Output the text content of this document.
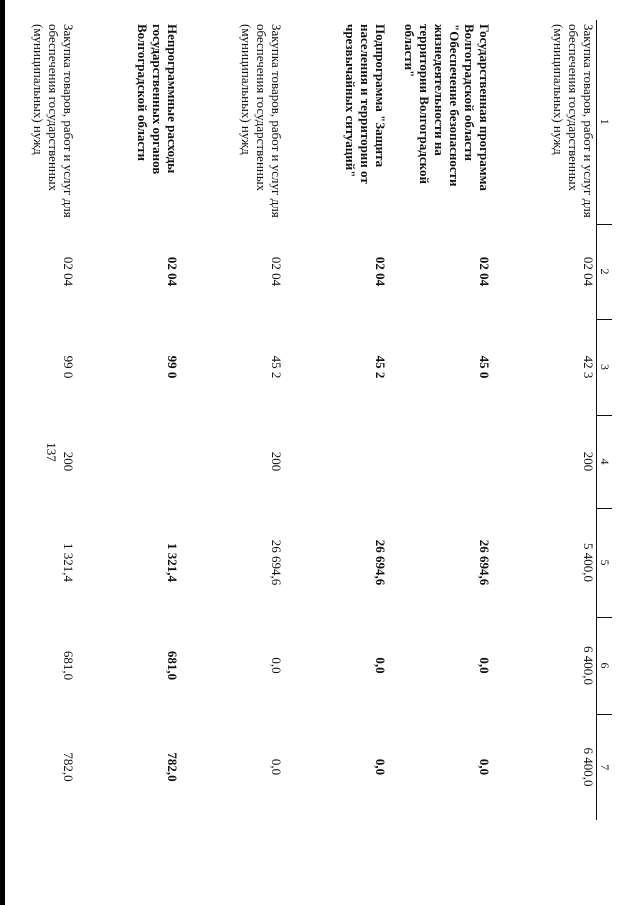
137
1	2	3	4	5	6	7
Закупка товаров, работ и услуг для обеспечения государственных (муниципальных) нужд	02 04	42 3	200	5 400,0	6 400,0	6 400,0
Государственная программа Волгоградской области "Обеспечение безопасности жизнедеятельности на территории Волгоградской области"	02 04	45 0		26 694,6	0,0	0,0
Подпрограмма "Защита населения и территории от чрезвычайных ситуаций"	02 04	45 2		26 694,6	0,0	0,0
Закупка товаров, работ и услуг для обеспечения государственных (муниципальных) нужд	02 04	45 2	200	26 694,6	0,0	0,0
Непрограммные расходы государственных органов Волгоградской области	02 04	99 0		1 321,4	681,0	782,0
Закупка товаров, работ и услуг для обеспечения государственных (муниципальных) нужд	02 04	99 0	200	1 321,4	681,0	782,0
